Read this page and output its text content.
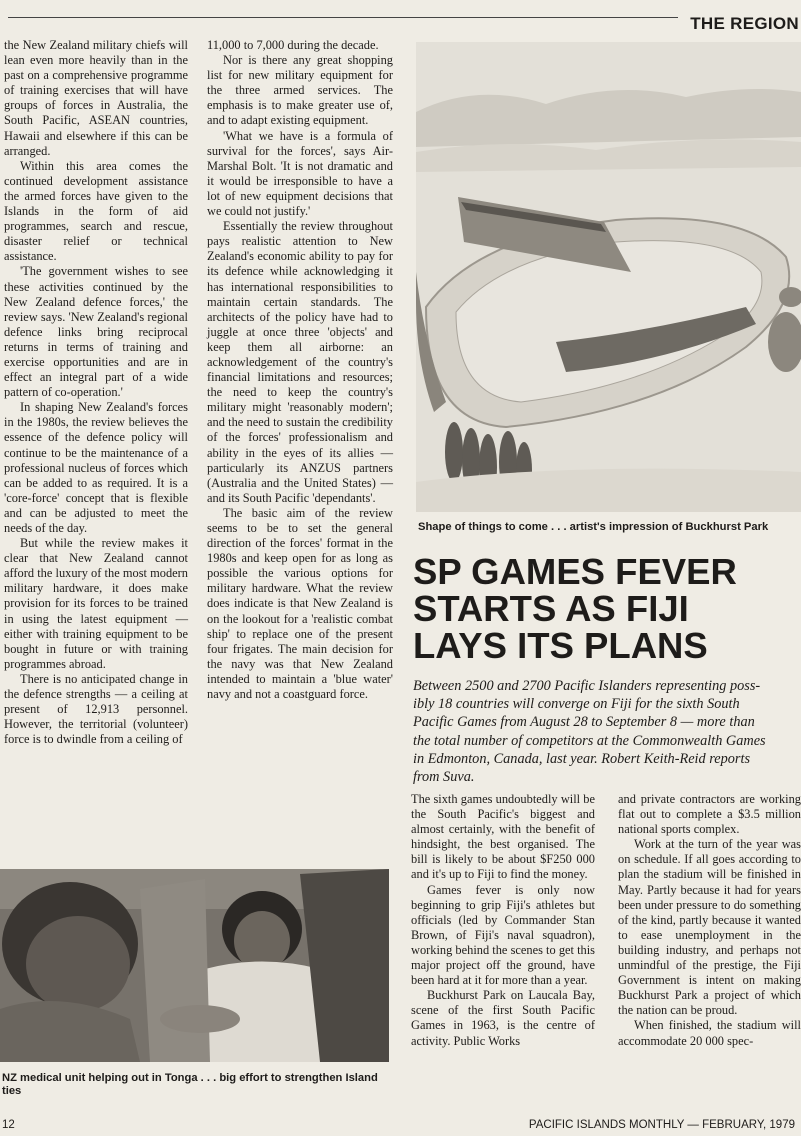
THE REGION

the New Zealand military chiefs will lean even more heavily than in the past on a comprehensive programme of training exercises that will have groups of forces in Australia, the South Pacific, ASEAN countries, Hawaii and elsewhere if this can be arranged.

Within this area comes the continued development assistance the armed forces have given to the Islands in the form of aid programmes, search and rescue, disaster relief or technical assistance.

'The government wishes to see these activities continued by the New Zealand defence forces,' the review says. 'New Zealand's regional defence links bring reciprocal returns in terms of training and exercise opportunities and are in effect an integral part of a wide pattern of co-operation.'

In shaping New Zealand's forces in the 1980s, the review believes the essence of the defence policy will continue to be the maintenance of a professional nucleus of forces which can be added to as required. It is a 'core-force' concept that is flexible and can be adjusted to meet the needs of the day.

But while the review makes it clear that New Zealand cannot afford the luxury of the most modern military hardware, it does make provision for its forces to be trained in using the latest equipment — either with training equipment to be bought in future or with training programmes abroad.

There is no anticipated change in the defence strengths — a ceiling at present of 12,913 personnel. However, the territorial (volunteer) force is to dwindle from a ceiling of

11,000 to 7,000 during the decade.

Nor is there any great shopping list for new military equipment for the three armed services. The emphasis is to make greater use of, and to adapt existing equipment.

'What we have is a formula of survival for the forces', says Air-Marshal Bolt. 'It is not dramatic and it would be irresponsible to have a lot of new equipment decisions that we could not justify.'

Essentially the review throughout pays realistic attention to New Zealand's economic ability to pay for its defence while acknowledging it has international responsibilities to maintain certain standards. The architects of the policy have had to juggle at once three 'objects' and keep them all airborne: an acknowledgement of the country's financial limitations and resources; the need to keep the country's military might 'reasonably modern'; and the need to sustain the credibility of the forces' professionalism and ability in the eyes of its allies — particularly its ANZUS partners (Australia and the United States) — and its South Pacific 'dependants'.

The basic aim of the review seems to be to set the general direction of the forces' format in the 1980s and keep open for as long as possible the various options for military hardware. What the review does indicate is that New Zealand is on the lookout for a 'realistic combat ship' to replace one of the present four frigates. The main decision for the navy was that New Zealand intended to maintain a 'blue water' navy and not a coastguard force.

Shape of things to come . . . artist's impression of Buckhurst Park
SP GAMES FEVER
STARTS AS FIJI
LAYS ITS PLANS
Between 2500 and 2700 Pacific Islanders representing poss-
ibly 18 countries will converge on Fiji for the sixth South
Pacific Games from August 28 to September 8 — more than
the total number of competitors at the Commonwealth Games
in Edmonton, Canada, last year. Robert Keith-Reid reports
from Suva.

The sixth games undoubtedly will be the South Pacific's biggest and almost certainly, with the benefit of hindsight, the best organised. The bill is likely to be about $F250 000 and it's up to Fiji to find the money.

Games fever is only now beginning to grip Fiji's athletes but officials (led by Commander Stan Brown, of Fiji's naval squadron), working behind the scenes to get this major project off the ground, have been hard at it for more than a year.

Buckhurst Park on Laucala Bay, scene of the first South Pacific Games in 1963, is the centre of activity. Public Works

and private contractors are working flat out to complete a $3.5 million national sports complex.

Work at the turn of the year was on schedule. If all goes according to plan the stadium will be finished in May. Partly because it had for years been under pressure to do something of the kind, partly because it wanted to ease unemployment in the building industry, and perhaps not unmindful of the prestige, the Fiji Government is intent on making Buckhurst Park a project of which the nation can be proud.

When finished, the stadium will accommodate 20 000 spec-

NZ medical unit helping out in Tonga . . . big effort to strengthen Island ties
12	PACIFIC ISLANDS MONTHLY — FEBRUARY, 1979
